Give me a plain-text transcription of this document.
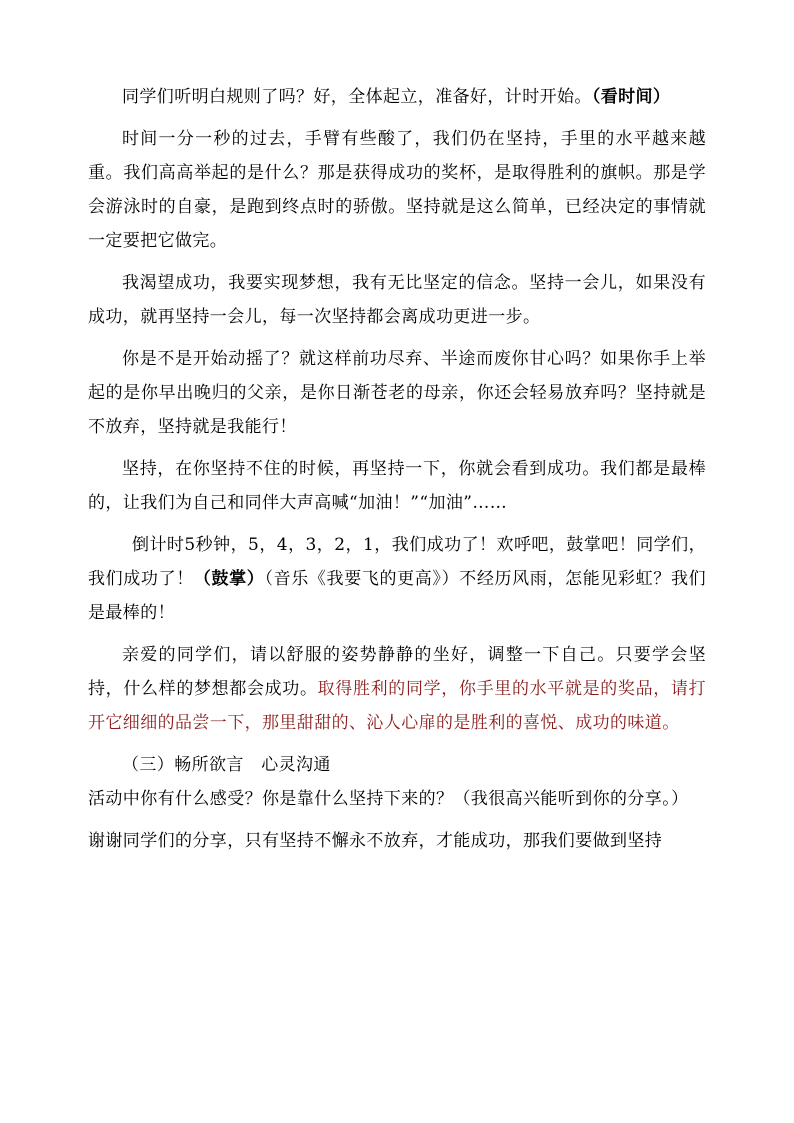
同学们听明白规则了吗？好，全体起立，准备好，计时开始。（看时间）

时间一分一秒的过去，手臂有些酸了，我们仍在坚持，手里的水平越来越重。我们高高举起的是什么？那是获得成功的奖杯，是取得胜利的旗帜。那是学会游泳时的自豪，是跑到终点时的骄傲。坚持就是这么简单，已经决定的事情就一定要把它做完。

我渴望成功，我要实现梦想，我有无比坚定的信念。坚持一会儿，如果没有成功，就再坚持一会儿，每一次坚持都会离成功更进一步。

你是不是开始动摇了？就这样前功尽弃、半途而废你甘心吗？如果你手上举起的是你早出晚归的父亲，是你日渐苍老的母亲，你还会轻易放弃吗？坚持就是不放弃，坚持就是我能行！

坚持，在你坚持不住的时候，再坚持一下，你就会看到成功。我们都是最棒的，让我们为自己和同伴大声高喊“加油！”“加油”……

倒计时5秒钟，5，4，3，2，1，我们成功了！欢呼吧，鼓掌吧！同学们，我们成功了！（鼓掌）（音乐《我要飞的更高》）不经历风雨，怎能见彩虹？我们是最棒的！

亲爱的同学们，请以舒服的姿势静静的坐好，调整一下自己。只要学会坚持，什么样的梦想都会成功。取得胜利的同学，你手里的水平就是的奖品，请打开它细细的品尝一下，那里甜甜的、沁人心扉的是胜利的喜悦、成功的味道。

（三）畅所欲言　心灵沟通

活动中你有什么感受？你是靠什么坚持下来的？（我很高兴能听到你的分享。）

谢谢同学们的分享，只有坚持不懈永不放弃，才能成功，那我们要做到坚持
